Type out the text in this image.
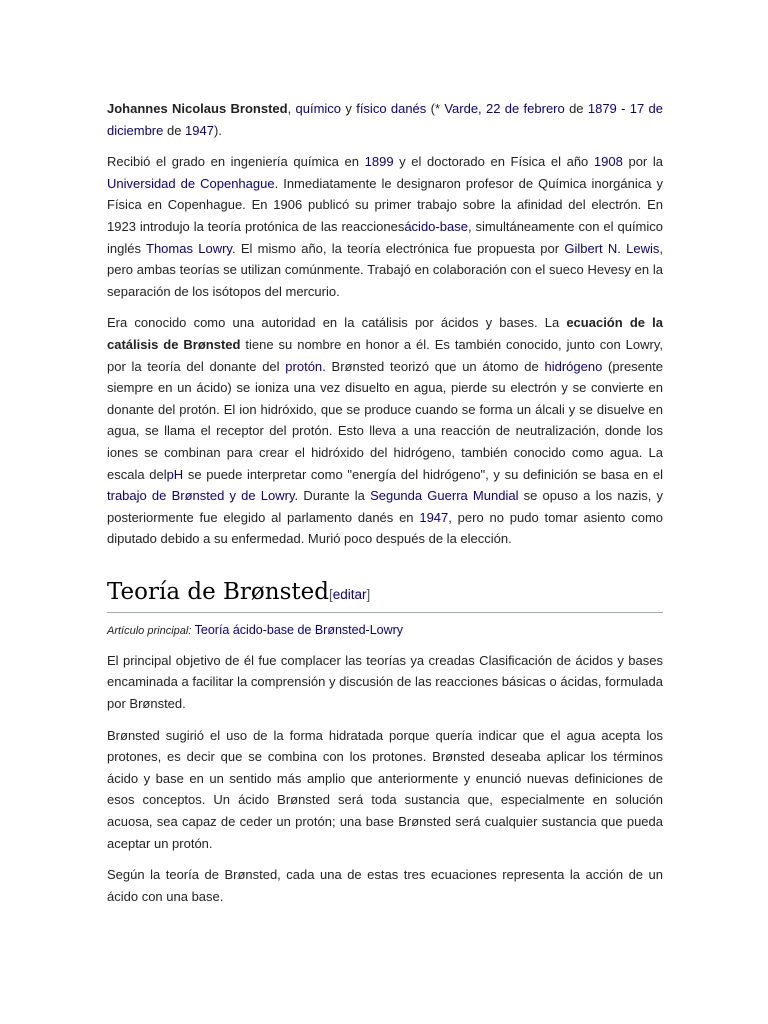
Johannes Nicolaus Bronsted, químico y físico danés (* Varde, 22 de febrero de 1879 - 17 de diciembre de 1947).

Recibió el grado en ingeniería química en 1899 y el doctorado en Física el año 1908 por la Universidad de Copenhague. Inmediatamente le designaron profesor de Química inorgánica y Física en Copenhague. En 1906 publicó su primer trabajo sobre la afinidad del electrón. En 1923 introdujo la teoría protónica de las reaccionesácido-base, simultáneamente con el químico inglés Thomas Lowry. El mismo año, la teoría electrónica fue propuesta por Gilbert N. Lewis, pero ambas teorías se utilizan comúnmente. Trabajó en colaboración con el sueco Hevesy en la separación de los isótopos del mercurio.

Era conocido como una autoridad en la catálisis por ácidos y bases. La ecuación de la catálisis de Brønsted tiene su nombre en honor a él. Es también conocido, junto con Lowry, por la teoría del donante del protón. Brønsted teorizó que un átomo de hidrógeno (presente siempre en un ácido) se ioniza una vez disuelto en agua, pierde su electrón y se convierte en donante del protón. El ion hidróxido, que se produce cuando se forma un álcali y se disuelve en agua, se llama el receptor del protón. Esto lleva a una reacción de neutralización, donde los iones se combinan para crear el hidróxido del hidrógeno, también conocido como agua. La escala delpH se puede interpretar como "energía del hidrógeno", y su definición se basa en el trabajo de Brønsted y de Lowry. Durante la Segunda Guerra Mundial se opuso a los nazis, y posteriormente fue elegido al parlamento danés en 1947, pero no pudo tomar asiento como diputado debido a su enfermedad. Murió poco después de la elección.

Teoría de Brønsted[editar]
Artículo principal: Teoría ácido-base de Brønsted-Lowry

El principal objetivo de él fue complacer las teorías ya creadas Clasificación de ácidos y bases encaminada a facilitar la comprensión y discusión de las reacciones básicas o ácidas, formulada por Brønsted.

Brønsted sugirió el uso de la forma hidratada porque quería indicar que el agua acepta los protones, es decir que se combina con los protones. Brønsted deseaba aplicar los términos ácido y base en un sentido más amplio que anteriormente y enunció nuevas definiciones de esos conceptos. Un ácido Brønsted será toda sustancia que, especialmente en solución acuosa, sea capaz de ceder un protón; una base Brønsted será cualquier sustancia que pueda aceptar un protón.

Según la teoría de Brønsted, cada una de estas tres ecuaciones representa la acción de un ácido con una base.
